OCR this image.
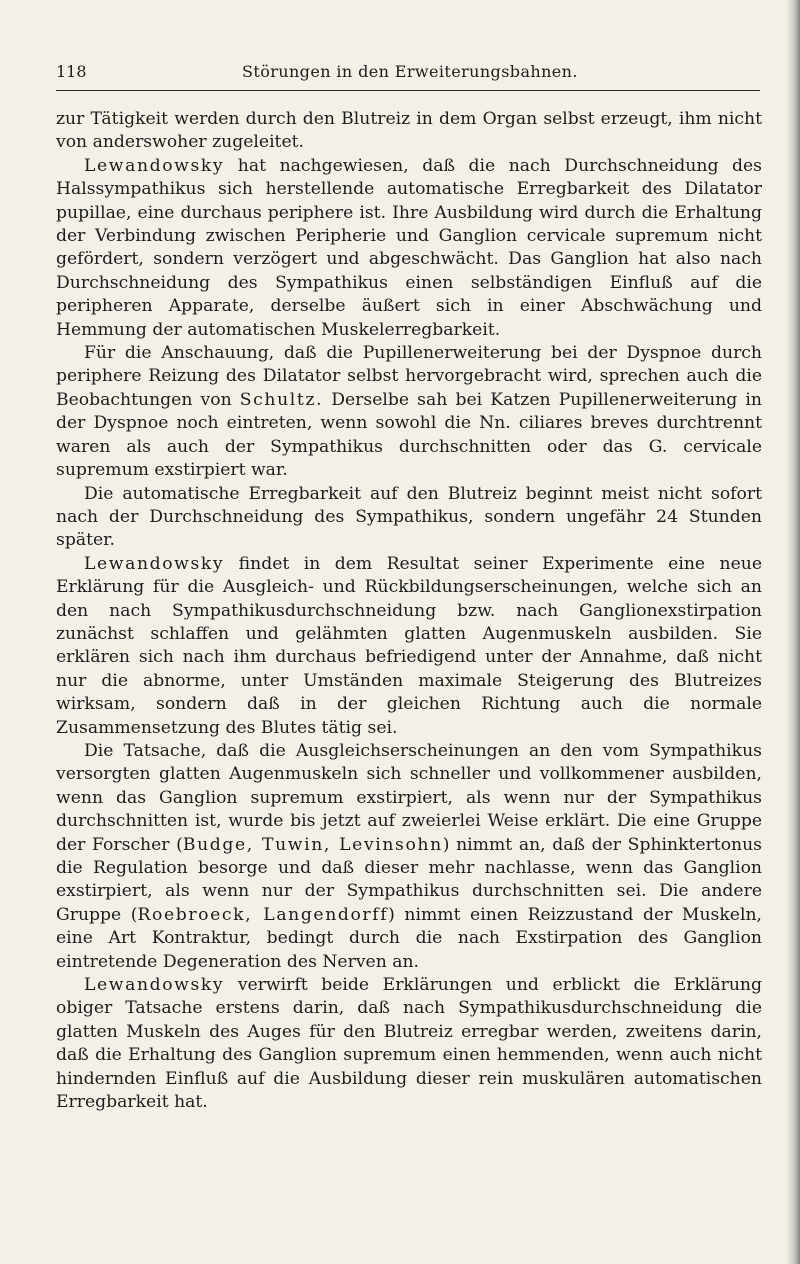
118	Störungen in den Erweiterungsbahnen.

zur Tätigkeit werden durch den Blutreiz in dem Organ selbst erzeugt, ihm nicht von anderswoher zugeleitet.

Lewandowsky hat nachgewiesen, daß die nach Durchschneidung des Halssympathikus sich herstellende automatische Erregbarkeit des Dilatator pupillae, eine durchaus periphere ist. Ihre Ausbildung wird durch die Erhaltung der Verbindung zwischen Peripherie und Ganglion cervicale supremum nicht gefördert, sondern verzögert und abgeschwächt. Das Ganglion hat also nach Durchschneidung des Sympathikus einen selbständigen Einfluß auf die peripheren Apparate, derselbe äußert sich in einer Abschwächung und Hemmung der automatischen Muskelerregbarkeit.

Für die Anschauung, daß die Pupillenerweiterung bei der Dyspnoe durch periphere Reizung des Dilatator selbst hervorgebracht wird, sprechen auch die Beobachtungen von Schultz. Derselbe sah bei Katzen Pupillenerweiterung in der Dyspnoe noch eintreten, wenn sowohl die Nn. ciliares breves durchtrennt waren als auch der Sympathikus durchschnitten oder das G. cervicale supremum exstirpiert war.

Die automatische Erregbarkeit auf den Blutreiz beginnt meist nicht sofort nach der Durchschneidung des Sympathikus, sondern ungefähr 24 Stunden später.

Lewandowsky findet in dem Resultat seiner Experimente eine neue Erklärung für die Ausgleich- und Rückbildungserscheinungen, welche sich an den nach Sympathikusdurchschneidung bzw. nach Ganglionexstirpation zunächst schlaffen und gelähmten glatten Augenmuskeln ausbilden. Sie erklären sich nach ihm durchaus befriedigend unter der Annahme, daß nicht nur die abnorme, unter Umständen maximale Steigerung des Blutreizes wirksam, sondern daß in der gleichen Richtung auch die normale Zusammensetzung des Blutes tätig sei.

Die Tatsache, daß die Ausgleichserscheinungen an den vom Sympathikus versorgten glatten Augenmuskeln sich schneller und vollkommener ausbilden, wenn das Ganglion supremum exstirpiert, als wenn nur der Sympathikus durchschnitten ist, wurde bis jetzt auf zweierlei Weise erklärt. Die eine Gruppe der Forscher (Budge, Tuwin, Levinsohn) nimmt an, daß der Sphinktertonus die Regulation besorge und daß dieser mehr nachlasse, wenn das Ganglion exstirpiert, als wenn nur der Sympathikus durchschnitten sei. Die andere Gruppe (Roebroeck, Langendorff) nimmt einen Reizzustand der Muskeln, eine Art Kontraktur, bedingt durch die nach Exstirpation des Ganglion eintretende Degeneration des Nerven an.

Lewandowsky verwirft beide Erklärungen und erblickt die Erklärung obiger Tatsache erstens darin, daß nach Sympathikusdurchschneidung die glatten Muskeln des Auges für den Blutreiz erregbar werden, zweitens darin, daß die Erhaltung des Ganglion supremum einen hemmenden, wenn auch nicht hindernden Einfluß auf die Ausbildung dieser rein muskulären automatischen Erregbarkeit hat.
